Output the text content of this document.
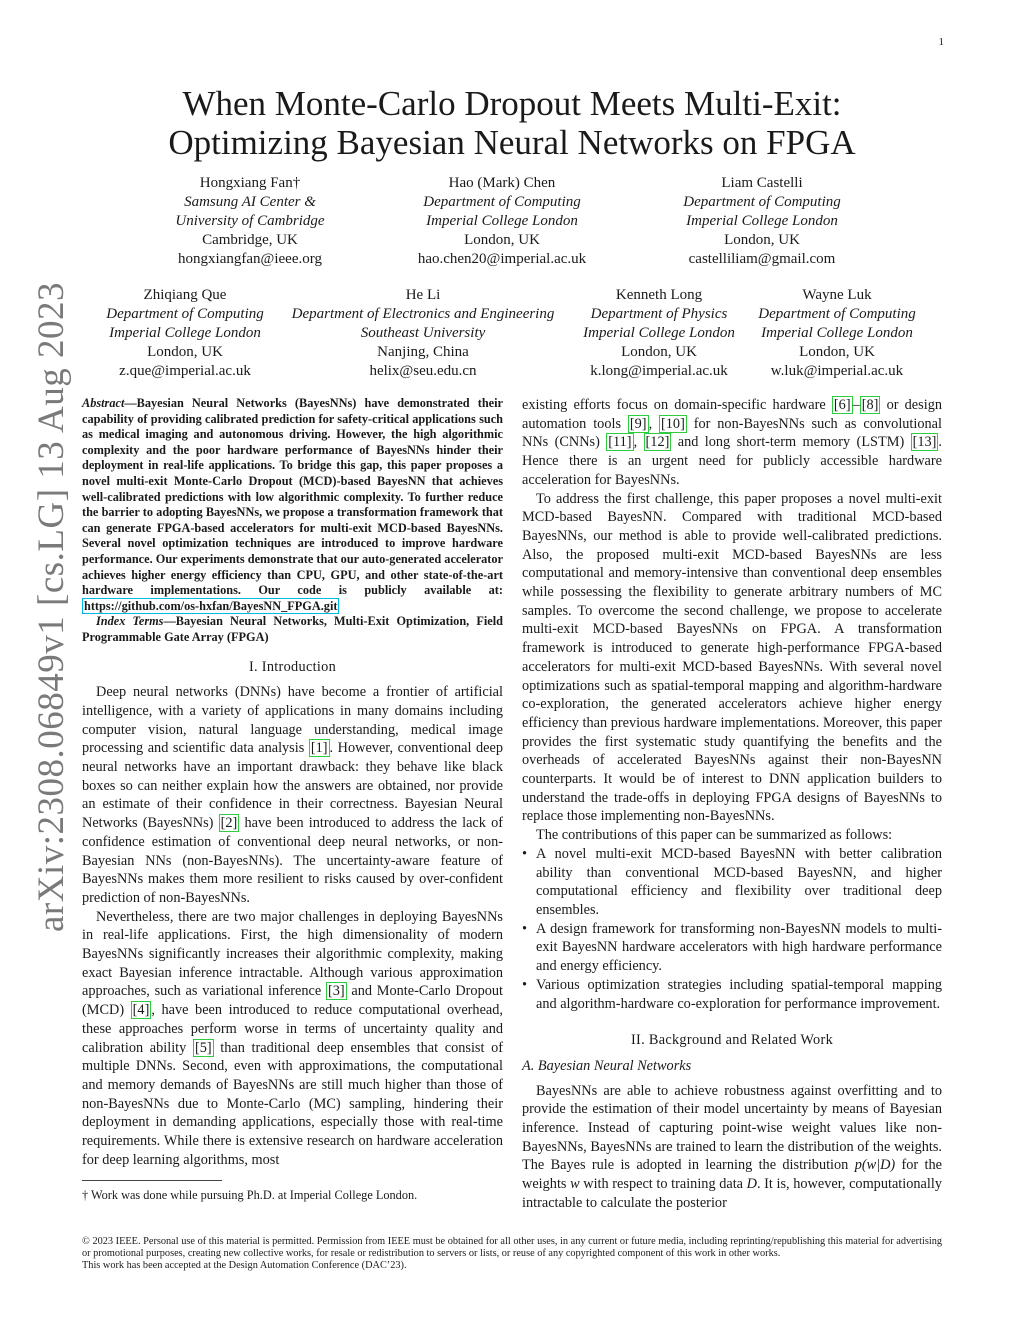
1
arXiv:2308.06849v1 [cs.LG] 13 Aug 2023
When Monte-Carlo Dropout Meets Multi-Exit:
Optimizing Bayesian Neural Networks on FPGA
Hongxiang Fan†
Samsung AI Center &
University of Cambridge
Cambridge, UK
hongxiangfan@ieee.org
Hao (Mark) Chen
Department of Computing
Imperial College London
London, UK
hao.chen20@imperial.ac.uk
Liam Castelli
Department of Computing
Imperial College London
London, UK
castelliliam@gmail.com
Zhiqiang Que
Department of Computing
Imperial College London
London, UK
z.que@imperial.ac.uk
He Li
Department of Electronics and Engineering
Southeast University
Nanjing, China
helix@seu.edu.cn
Kenneth Long
Department of Physics
Imperial College London
London, UK
k.long@imperial.ac.uk
Wayne Luk
Department of Computing
Imperial College London
London, UK
w.luk@imperial.ac.uk

Abstract—Bayesian Neural Networks (BayesNNs) have demonstrated their capability of providing calibrated prediction for safety-critical applications such as medical imaging and autonomous driving. However, the high algorithmic complexity and the poor hardware performance of BayesNNs hinder their deployment in real-life applications. To bridge this gap, this paper proposes a novel multi-exit Monte-Carlo Dropout (MCD)-based BayesNN that achieves well-calibrated predictions with low algorithmic complexity. To further reduce the barrier to adopting BayesNNs, we propose a transformation framework that can generate FPGA-based accelerators for multi-exit MCD-based BayesNNs. Several novel optimization techniques are introduced to improve hardware performance. Our experiments demonstrate that our auto-generated accelerator achieves higher energy efficiency than CPU, GPU, and other state-of-the-art hardware implementations. Our code is publicly available at: https://github.com/os-hxfan/BayesNN_FPGA.git

Index Terms—Bayesian Neural Networks, Multi-Exit Optimization, Field Programmable Gate Array (FPGA)

I. Introduction

Deep neural networks (DNNs) have become a frontier of artificial intelligence, with a variety of applications in many domains including computer vision, natural language understanding, medical image processing and scientific data analysis [1] . However, conventional deep neural networks have an important drawback: they behave like black boxes so can neither explain how the answers are obtained, nor provide an estimate of their confidence in their correctness. Bayesian Neural Networks (BayesNNs) [2] have been introduced to address the lack of confidence estimation of conventional deep neural networks, or non-Bayesian NNs (non-BayesNNs). The uncertainty-aware feature of BayesNNs makes them more resilient to risks caused by over-confident prediction of non-BayesNNs.

Nevertheless, there are two major challenges in deploying BayesNNs in real-life applications. First, the high dimensionality of modern BayesNNs significantly increases their algorithmic complexity, making exact Bayesian inference intractable. Although various approximation approaches, such as variational inference [3] and Monte-Carlo Dropout (MCD) [4] , have been introduced to reduce computational overhead, these approaches perform worse in terms of uncertainty quality and calibration ability [5] than traditional deep ensembles that consist of multiple DNNs. Second, even with approximations, the computational and memory demands of BayesNNs are still much higher than those of non-BayesNNs due to Monte-Carlo (MC) sampling, hindering their deployment in demanding applications, especially those with real-time requirements. While there is extensive research on hardware acceleration for deep learning algorithms, most

existing efforts focus on domain-specific hardware [6] – [8] or design automation tools [9] , [10] for non-BayesNNs such as convolutional NNs (CNNs) [11] , [12] and long short-term memory (LSTM) [13] . Hence there is an urgent need for publicly accessible hardware acceleration for BayesNNs.

To address the first challenge, this paper proposes a novel multi-exit MCD-based BayesNN. Compared with traditional MCD-based BayesNNs, our method is able to provide well-calibrated predictions. Also, the proposed multi-exit MCD-based BayesNNs are less computational and memory-intensive than conventional deep ensembles while possessing the flexibility to generate arbitrary numbers of MC samples. To overcome the second challenge, we propose to accelerate multi-exit MCD-based BayesNNs on FPGA. A transformation framework is introduced to generate high-performance FPGA-based accelerators for multi-exit MCD-based BayesNNs. With several novel optimizations such as spatial-temporal mapping and algorithm-hardware co-exploration, the generated accelerators achieve higher energy efficiency than previous hardware implementations. Moreover, this paper provides the first systematic study quantifying the benefits and the overheads of accelerated BayesNNs against their non-BayesNN counterparts. It would be of interest to DNN application builders to understand the trade-offs in deploying FPGA designs of BayesNNs to replace those implementing non-BayesNNs.

The contributions of this paper can be summarized as follows:

• A novel multi-exit MCD-based BayesNN with better calibration ability than conventional MCD-based BayesNN, and higher computational efficiency and flexibility over traditional deep ensembles.
• A design framework for transforming non-BayesNN models to multi-exit BayesNN hardware accelerators with high hardware performance and energy efficiency.
• Various optimization strategies including spatial-temporal mapping and algorithm-hardware co-exploration for performance improvement.
II. Background and Related Work
A. Bayesian Neural Networks

BayesNNs are able to achieve robustness against overfitting and to provide the estimation of their model uncertainty by means of Bayesian inference. Instead of capturing point-wise weight values like non-BayesNNs, BayesNNs are trained to learn the distribution of the weights. The Bayes rule is adopted in learning the distribution p(w|D) for the weights w with respect to training data D. It is, however, computationally intractable to calculate the posterior

† Work was done while pursuing Ph.D. at Imperial College London.
© 2023 IEEE. Personal use of this material is permitted. Permission from IEEE must be obtained for all other uses, in any current or future media, including reprinting/republishing this material for advertising or promotional purposes, creating new collective works, for resale or redistribution to servers or lists, or reuse of any copyrighted component of this work in other works.
This work has been accepted at the Design Automation Conference (DAC’23).
